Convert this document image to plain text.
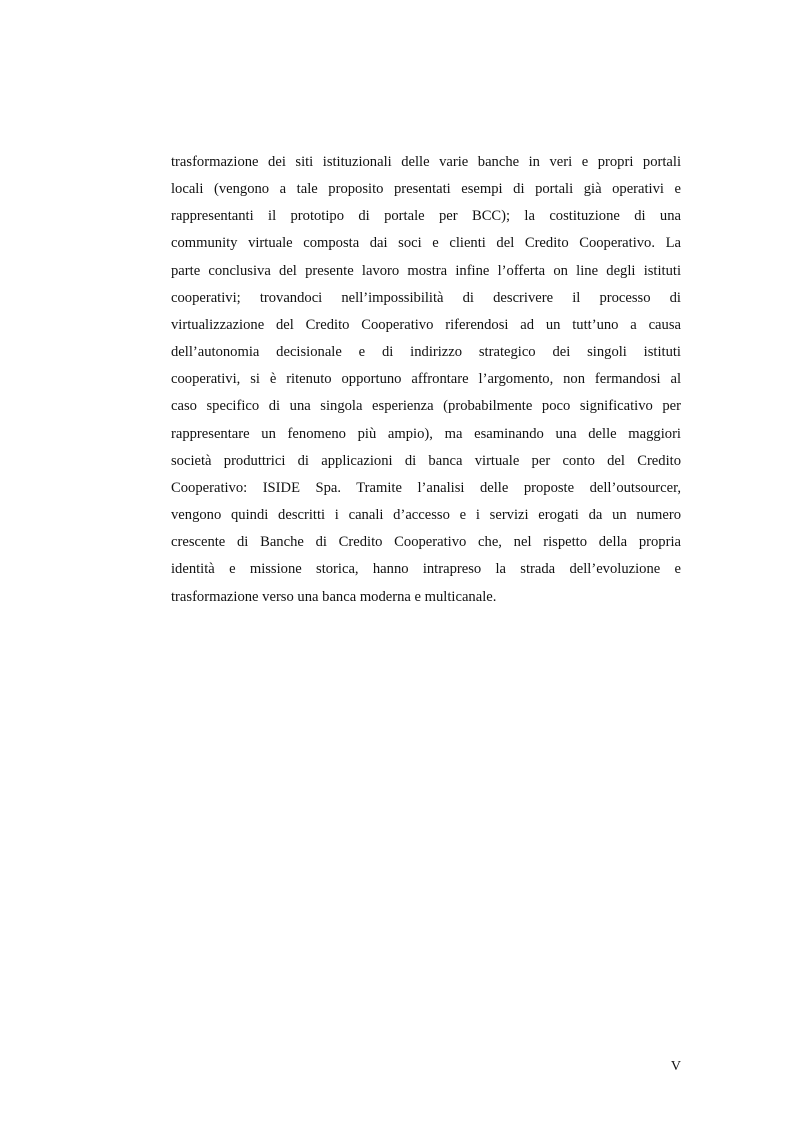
trasformazione dei siti istituzionali delle varie banche in veri e propri portali
locali (vengono a tale proposito presentati esempi di portali già operativi e
rappresentanti il prototipo di portale per BCC); la costituzione di una
community virtuale composta dai soci e clienti del Credito Cooperativo. La
parte conclusiva del presente lavoro mostra infine l’offerta on line degli istituti
cooperativi; trovandoci nell’impossibilità di descrivere il processo di
virtualizzazione del Credito Cooperativo riferendosi ad un tutt’uno a causa
dell’autonomia decisionale e di indirizzo strategico dei singoli istituti
cooperativi, si è ritenuto opportuno affrontare l’argomento, non fermandosi al
caso specifico di una singola esperienza (probabilmente poco significativo per
rappresentare un fenomeno più ampio), ma esaminando una delle maggiori
società produttrici di applicazioni di banca virtuale per conto del Credito
Cooperativo: ISIDE Spa. Tramite l’analisi delle proposte dell’outsourcer,
vengono quindi descritti i canali d’accesso e i servizi erogati da un numero
crescente di Banche di Credito Cooperativo che, nel rispetto della propria
identità e missione storica, hanno intrapreso la strada dell’evoluzione e
trasformazione verso una banca moderna e multicanale.
V
